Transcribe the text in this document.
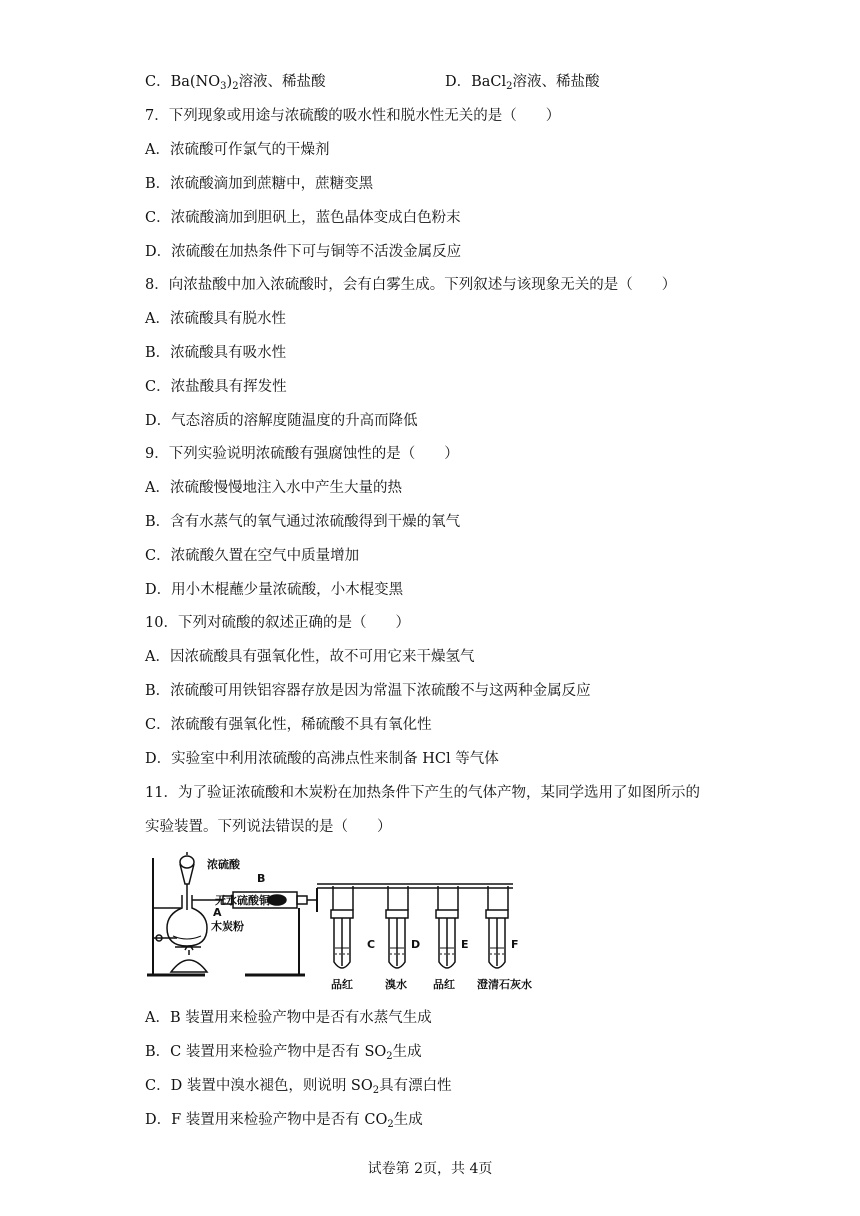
C．$Ba(NO_3)_2$溶液、稀盐酸	D．BaCl$_2$溶液、稀盐酸
7．下列现象或用途与浓硫酸的吸水性和脱水性无关的是（　　）
A．浓硫酸可作氯气的干燥剂
B．浓硫酸滴加到蔗糖中，蔗糖变黑
C．浓硫酸滴加到胆矾上，蓝色晶体变成白色粉末
D．浓硫酸在加热条件下可与铜等不活泼金属反应
8．向浓盐酸中加入浓硫酸时，会有白雾生成。下列叙述与该现象无关的是（　　）
A．浓硫酸具有脱水性
B．浓硫酸具有吸水性
C．浓盐酸具有挥发性
D．气态溶质的溶解度随温度的升高而降低
9．下列实验说明浓硫酸有强腐蚀性的是（　　）
A．浓硫酸慢慢地注入水中产生大量的热
B．含有水蒸气的氧气通过浓硫酸得到干燥的氧气
C．浓硫酸久置在空气中质量增加
D．用小木棍蘸少量浓硫酸，小木棍变黑
10．下列对硫酸的叙述正确的是（　　）
A．因浓硫酸具有强氧化性，故不可用它来干燥氢气
B．浓硫酸可用铁铝容器存放是因为常温下浓硫酸不与这两种金属反应
C．浓硫酸有强氧化性，稀硫酸不具有氧化性
D．实验室中利用浓硫酸的高沸点性来制备 HCl 等气体
11．为了验证浓硫酸和木炭粉在加热条件下产生的气体产物，某同学选用了如图所示的
实验装置。下列说法错误的是（　　）
浓硫酸
B
无水硫酸铜
A
木炭粉
C	D	E	F
品红	溴水 品红 澄清石灰水
A．B 装置用来检验产物中是否有水蒸气生成
B．C 装置用来检验产物中是否有 $SO_2$生成
C．D 装置中溴水褪色，则说明 $SO_2$具有漂白性
D．F 装置用来检验产物中是否有 $CO_2$生成
试卷第 2页，共 4页
